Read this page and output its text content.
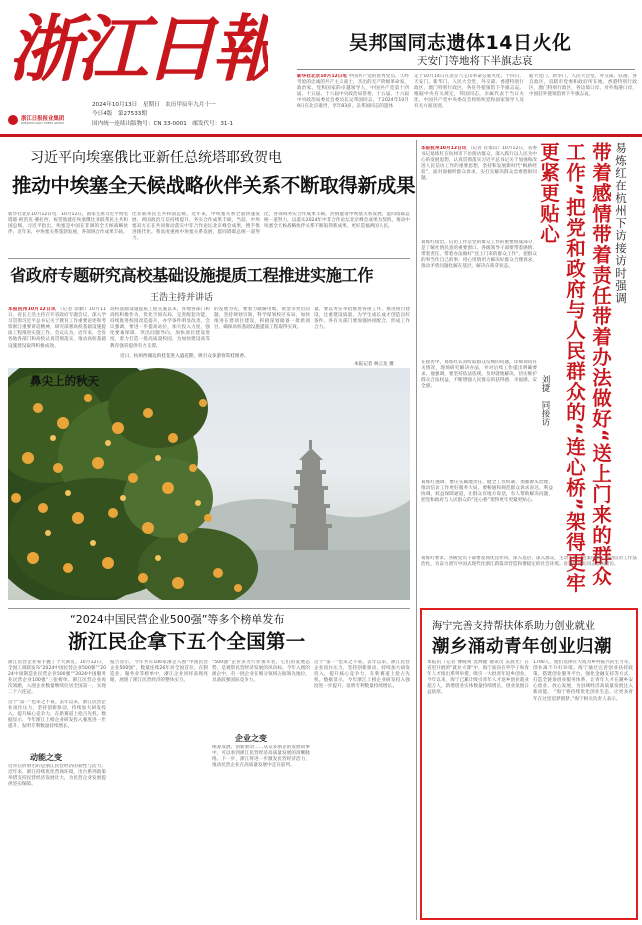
浙江日報
2024年10月13日　星期日　农历甲辰年九月十一
今日4版　第27533期
国内统一连续出版物号：CN 33-0001　邮发代号：31-1
浙江日报报业集团
ZHEJIANG DAILY PRESS GROUP
吴邦国同志遗体14日火化
天安门等地将下半旗志哀
新华社北京10月12日电 中国共产党的优秀党员，久经考验的忠诚的共产主义战士，杰出的无产阶级革命家，政治家，党和国家的卓越领导人，中国共产党第十四届、十五届、十六届中央政治局常委，十五届、十六届中央政治局委员会委员长吴邦国同志，于2024年10月9日在北京逝世，享年83岁。吴邦国同志的遗体
定于10月14日在北京八宝山革命公墓火化。十四日，天安门、新华门、人民大会堂、外交部、香港特别行政区、澳门特别行政区，各驻外使领馆下半旗志哀。根据中央有关规定，邦国同志，亲属代表于当日火化，中国共产党中央委员会将组织党和国家领导人及有关方面送别。
船大党门，新华门，人民大会堂，外交部，驻港，各自政区，直辖市党委和政府所在地，香港特别行政区，澳门特别行政区，各边境口岸，对外海港口岸，中国驻外使领馆将下半旗志哀。
习近平向埃塞俄比亚新任总统塔耶致贺电
推动中埃塞全天候战略伙伴关系不断取得新成果
新华社北京10月12日电　10月12日，国家主席习近平致电塔耶·阿茨克-赛拉西，祝贺他就任埃塞俄比亚联邦民主共和国总统。习近平指出，埃塞是中国在非洲的全天候战略伙伴。近年来，中埃塞关系蓬勃发展，各领域合作成果丰硕。
比亚联邦民主共和国总统。近年来，中埃塞关系全面快速发展，两国政治互信持续提升，务实合作成果丰硕。当前，中埃塞双方正在共同推动落实中非合作论坛北京峰会成果，携手推进现代化。我高度重视中埃塞关系发展，愿同塔耶总统一道努力。
比，各领域务实合作成果丰硕。热情邀请中埃塞关系发展，愿同塔耶总统一道努力，以落实2024年中非合作论坛北京峰会成果为契机，推动中埃塞全天候战略伙伴关系不断取得新成果，更好造福两国人民。
省政府专题研究高校基础设施提质工程推进实施工作
王浩主持并讲话
本报杭州10月12日讯 （记者 余勤）10月11日，省长王浩主持召开省政府专题会议，深入学习贯彻习近平总书记关于教育工作重要论述和考察浙江重要讲话精神，研究部署高校基础设施提质工程推进实施工作。会议认为，近年来，全省各地各部门和高校认真贯彻落实，推动高校基础设施建设取得积极成效。
高校基础设施提质工程实施以来，各地各部门和高校积极作为，优化空间布局，完善配套功能，持续推进校园改造提升，办学条件明显改善。会议强调，要进一步提高站位，加大投入力度，强化要素保障，突出问题导向，加快项目建设进度，着力打造一批高质量校园，为加快建设高等教育强省提供有力支撑。
的发展为先，要着力破解用地、资金等突出问题，坚持规划引领，科学谋划校区布局，加快推进在建项目建设，积极谋划储备一批新项目，确保高校基础设施提质工程取得实效。
量，要以务实举措推进各项工作，推进项目建设，注重建设质量，为学生成长成才创造良好条件。各有关部门要加强协同配合，形成工作合力。
近日，杭州西湖边的桂花进入盛花期，吸引众多游客赏桂闻香。
本报记者 林云龙 摄
鼻尖上的秋天
“2024中国民营企业500强”等多个榜单发布
浙江民企拿下五个全国第一
浙江民营企业家手握了个大满贯。10月12日，全国工商联发布“2024中国民营企业500强”“2024中国制造业民营企业500强”“2024中国服务业民营企业100强”三张榜单。浙江民营企业再次领跑，入围企业数量继续位居全国第一，实现二十六连冠。
动能之变
这个“第一”也来之不易。去年以来，浙江民营企业顶住压力，坚持创新驱动，持续加大研发投入，提升核心竞争力，在新赛道上抢占先机。数据显示，今年浙江上榜企业研发投入强度进一步提升，发明专利数量持续增长。
这背后折射出的是浙江民营经济的韧性与活力。近年来，浙江持续优化营商环境，出台系列政策举措支持民营经济发展壮大，为民营企业发展提供坚实保障。
报告显示，今年共有106家浙企入围“中国民营企业500强”，数量连续26年居全国首位。在制造业、服务业等榜单中，浙江企业同样表现亮眼，展现了浙江民营经济的整体实力。
“500强”企业多为行业领军者，它们的发展态势，是观察民营经济发展的风向标。今年入围的浙企中，有一批企业在细分领域占据领先地位，具备较强国际竞争力。
企业之变
统筹发展、创新驱动……从众多浙企的发展故事中，可以看到浙江民营经济高质量发展的清晰脉络。下一步，浙江将进一步激发民营经济活力，推动民营企业在高质量发展中走在前列。
这个“第一”也来之不易。去年以来，浙江民营企业顶住压力，坚持创新驱动，持续加大研发投入，提升核心竞争力，在新赛道上抢占先机。数据显示，今年浙江上榜企业研发投入强度进一步提升，发明专利数量持续增长。
易炼红在杭州下访接访时强调
带着感情带着责任带着办法做好“送上门来的群众工作”把党和政府与人民群众的“连心桥”架得更牢更紧更贴心
刘捷　同接访
本报杭州10月12日讯 （记者 肖承山）10月12日，省委书记易炼红在杭州市下访接访群众，深入践行以人民为中心的发展思想，认真贯彻落实习近平总书记关于加强和改进人民信访工作的重要思想，坚持和发展新时代“枫桥经验”，面对面倾听群众诉求，实打实解决群众急难愁盼问题。
易炼红指出，信访工作是党的群众工作的重要组成部分，是了解社情民意的重要窗口。各级领导干部要带着感情、带着责任、带着办法做好“送上门来的群众工作”，把群众的事当作自己的事，用心用情用力解决好群众合理诉求，推动矛盾问题化解在基层、解决在萌芽状态。
在接访中，易炼红认真听取群众反映的问题，详细询问有关情况，现场研究解决办法，并对后续工作提出明确要求。他强调，要坚持依法依规，及时就地解决，切实维护群众合法权益，不断增强人民群众的获得感、幸福感、安全感。
易炼红强调，要压实属地责任，健全工作机制，加强源头治理，推动信访工作更好服务大局。要畅通和规范群众诉求表达、利益协调、权益保障通道，让群众有地方说话，有人帮助解决问题，把党和政府与人民群众的“连心桥”架得更牢更紧更贴心。
易炼红要求，各级党员干部要发扬优良作风，深入基层、深入群众，主动下访、包案化解，推动信访工作法治化，为奋力谱写中国式现代化浙江新篇章营造和谐稳定的社会环境。省领导有关同志参加接访。
海宁完善支持帮扶体系助力创业就业
潮乡涌动青年创业归潮
本报讯（记者 傅晓爽 沈烨健 通讯员 吴晨光）在省里开展的“就业大课”中，海宁面向在外学子和青年人才推出系列举措，吸引一大批青年返乡创业。今年以来，海宁已累计吸引青年人才返乡创业就业超万人，新增创业实体数量持续增长，创业氛围日益浓厚。
1790人，他们选择在大成为乡村振兴的生力军。创业离不开好环境。海宁通过完善创业扶持政策、搭建创业服务平台、强化金融支持等方式，打造全链条创业服务体系，让青年人才在潮乡安心创业、放心发展，为县域经济高质量发展注入新动能。 “海宁将持续优化创业生态，让更多青年在这里追梦圆梦。”海宁相关负责人表示。
